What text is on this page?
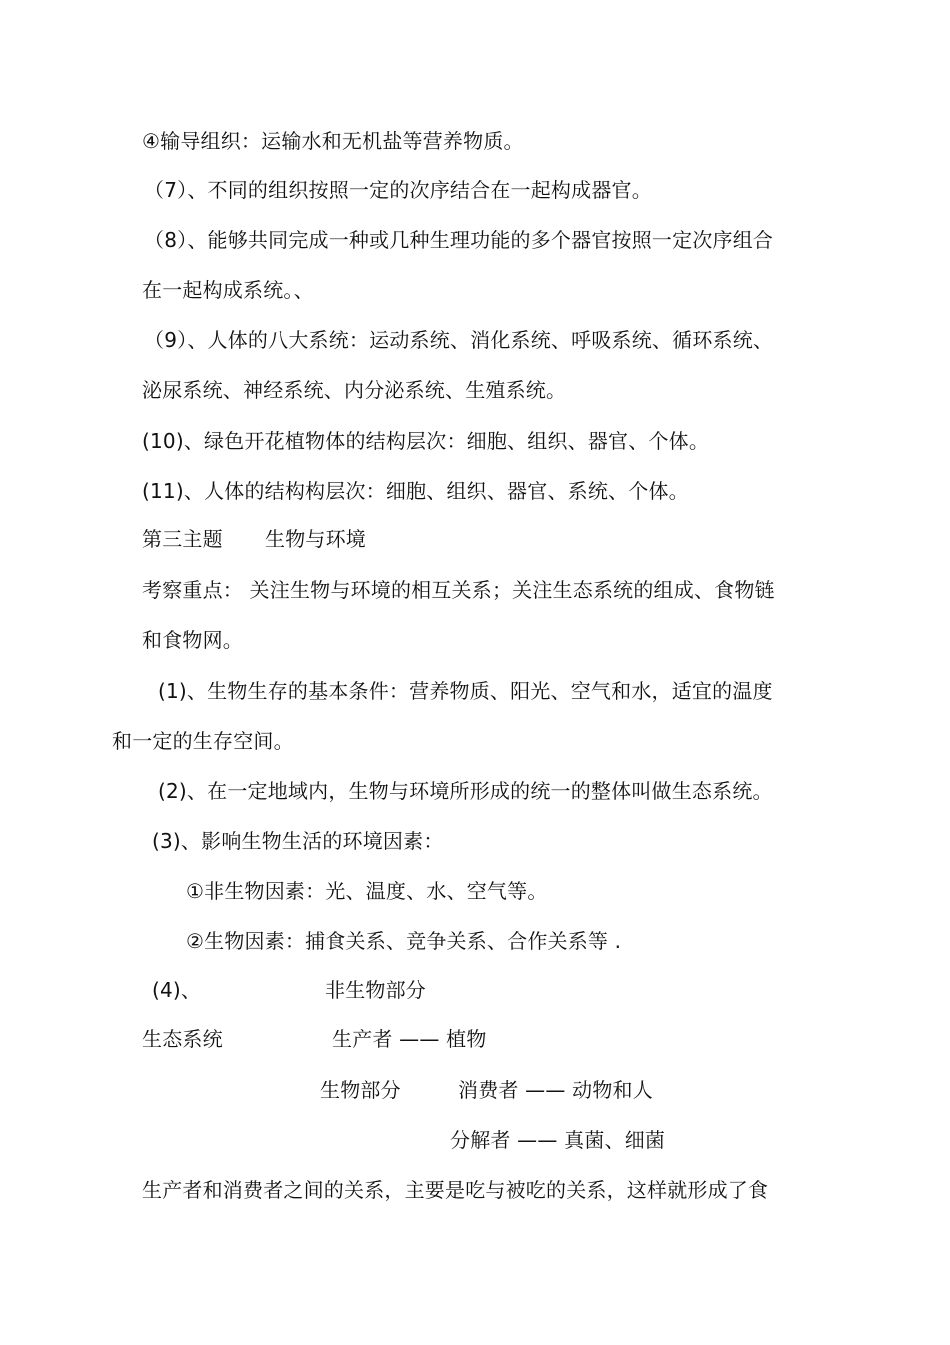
④输导组织：运输水和无机盐等营养物质。
（7）、不同的组织按照一定的次序结合在一起构成器官。
（8）、能够共同完成一种或几种生理功能的多个器官按照一定次序组合
在一起构成系统。、
（9）、人体的八大系统：运动系统、消化系统、呼吸系统、循环系统、
泌尿系统、神经系统、内分泌系统、生殖系统。
(10)、绿色开花植物体的结构层次：细胞、组织、器官、个体。
(11)、人体的结构构层次：细胞、组织、器官、系统、个体。
第三主题 生物与环境
考察重点： 关注生物与环境的相互关系；关注生态系统的组成、食物链
和食物网。
(1)、生物生存的基本条件：营养物质、阳光、空气和水，适宜的温度
和一定的生存空间。
(2)、在一定地域内，生物与环境所形成的统一的整体叫做生态系统。
(3)、影响生物生活的环境因素：
①非生物因素：光、温度、水、空气等。
②生物因素：捕食关系、竞争关系、合作关系等 .
(4)、	非生物部分
生态系统	生产者 —— 植物
生物部分	消费者 —— 动物和人
分解者 —— 真菌、细菌
生产者和消费者之间的关系，主要是吃与被吃的关系，这样就形成了食
